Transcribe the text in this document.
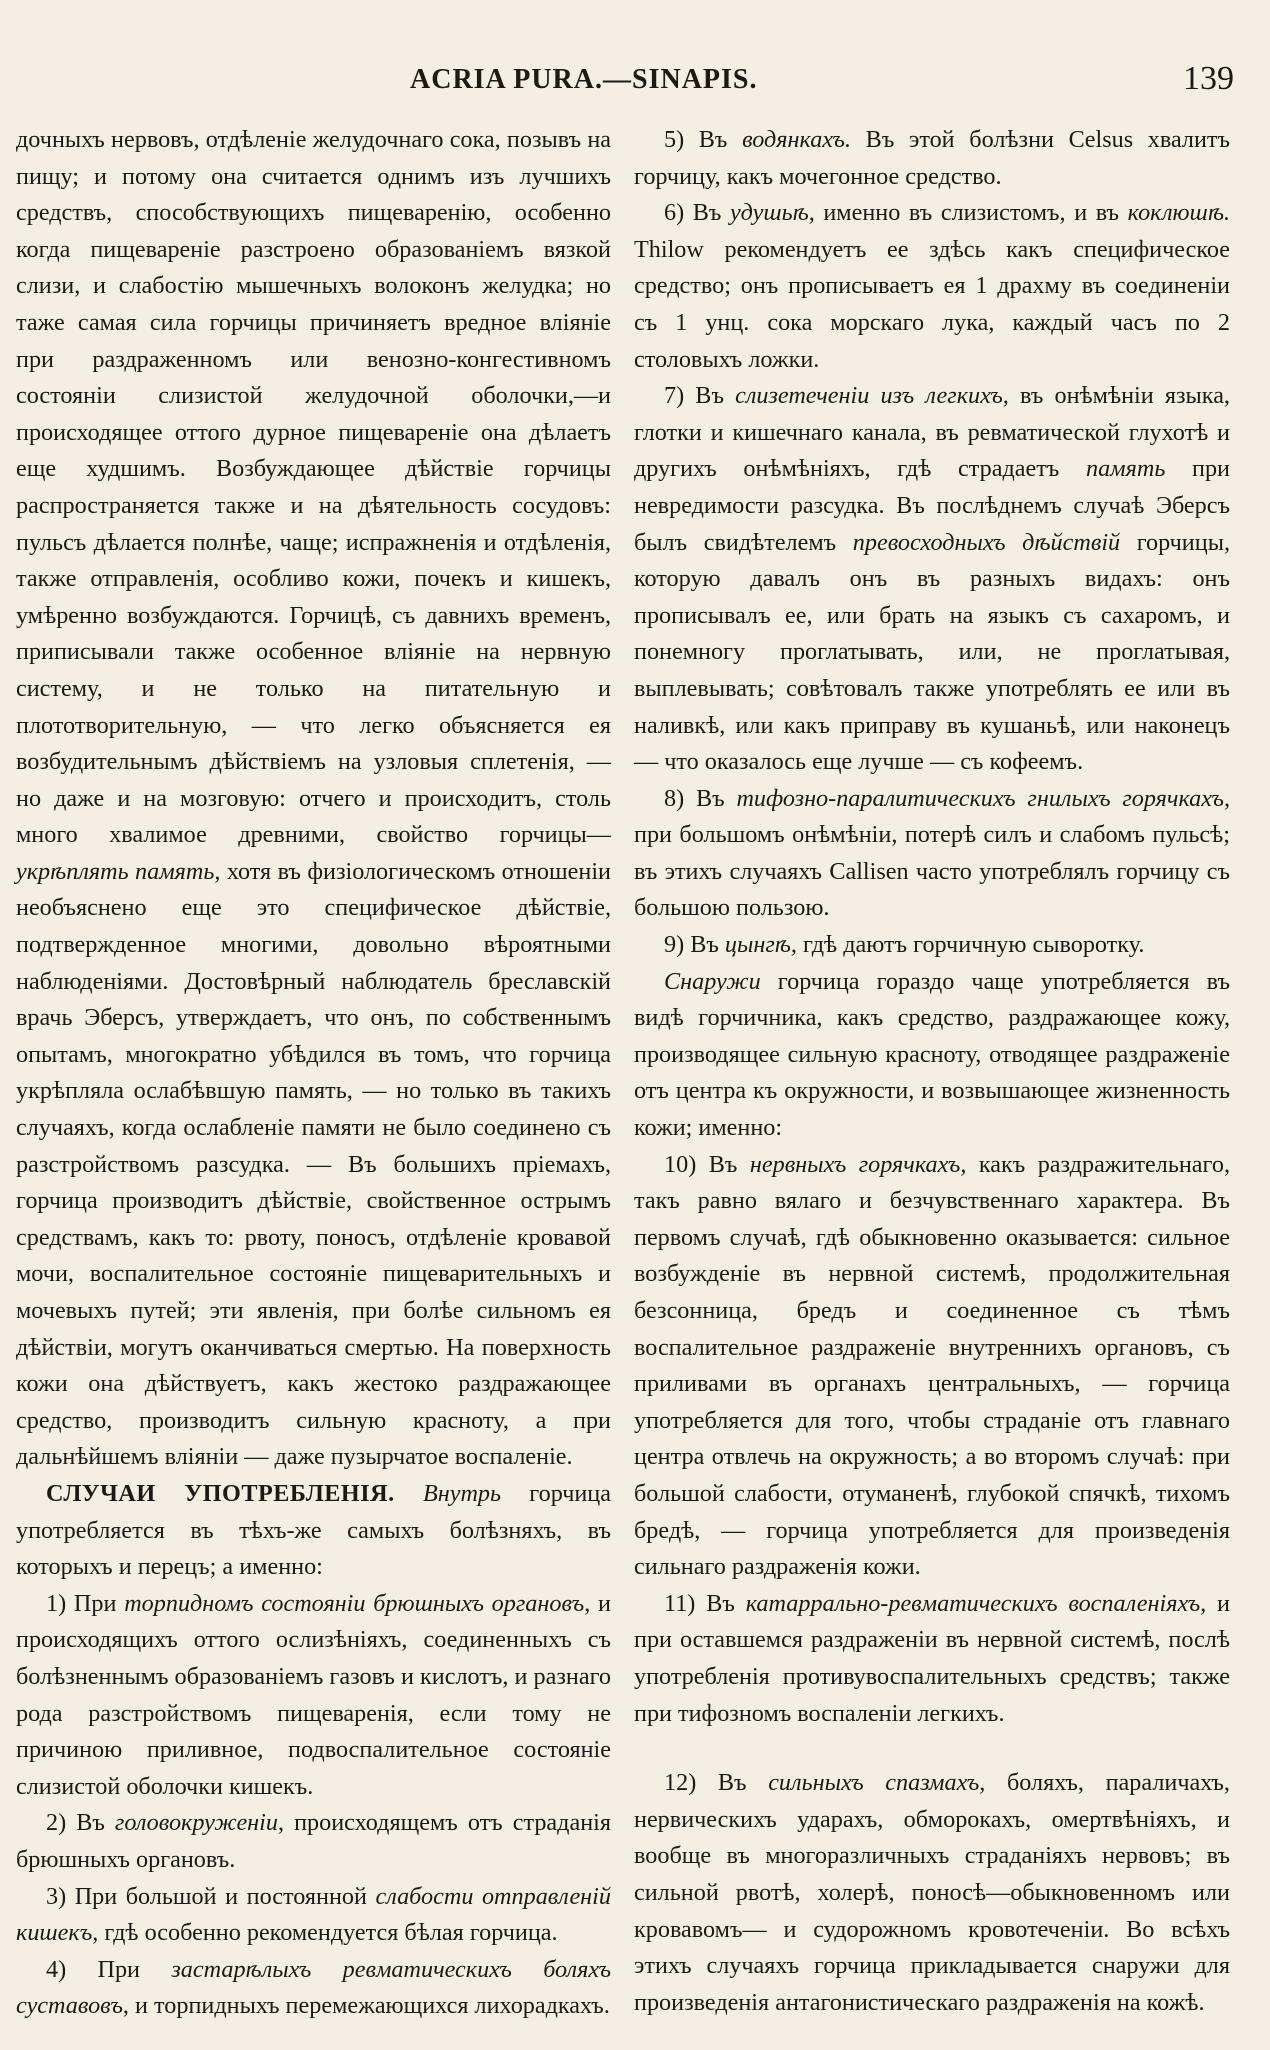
ACRIA PURA.—SINAPIS.	139

дочныхъ нервовъ, отдѣленіе желудочнаго сока, позывъ на пищу; и потому она считается однимъ изъ лучшихъ средствъ, способствующихъ пищеваренію, особенно когда пищевареніе разстроено образованіемъ вязкой слизи, и слабостію мышечныхъ волоконъ желудка; но таже самая сила горчицы причиняетъ вредное вліяніе при раздраженномъ или венозно-конгестивномъ состояніи слизистой желудочной оболочки,—и происходящее оттого дурное пищевареніе она дѣлаетъ еще худшимъ. Возбуждающее дѣйствіе горчицы распространяется также и на дѣятельность сосудовъ: пульсъ дѣлается полнѣе, чаще; испражненія и отдѣленія, также отправленія, особливо кожи, почекъ и кишекъ, умѣренно возбуждаются. Горчицѣ, съ давнихъ временъ, приписывали также особенное вліяніе на нервную систему, и не только на питательную и плототворительную, — что легко объясняется ея возбудительнымъ дѣйствіемъ на узловыя сплетенія, — но даже и на мозговую: отчего и происходитъ, столь много хвалимое древними, свойство горчицы—укрѣплять память, хотя въ физіологическомъ отношеніи необъяснено еще это специфическое дѣйствіе, подтвержденное многими, довольно вѣроятными наблюденіями. Достовѣрный наблюдатель бреславскій врачь Эберсъ, утверждаетъ, что онъ, по собственнымъ опытамъ, многократно убѣдился въ томъ, что горчица укрѣпляла ослабѣвшую память, — но только въ такихъ случаяхъ, когда ослабленіе памяти не было соединено съ разстройствомъ разсудка. — Въ большихъ пріемахъ, горчица производитъ дѣйствіе, свойственное острымъ средствамъ, какъ то: рвоту, поносъ, отдѣленіе кровавой мочи, воспалительное состояніе пищеварительныхъ и мочевыхъ путей; эти явленія, при болѣе сильномъ ея дѣйствіи, могутъ оканчиваться смертью. На поверхность кожи она дѣйствуетъ, какъ жестоко раздражающее средство, производитъ сильную красноту, а при дальнѣйшемъ вліяніи — даже пузырчатое воспаленіе.

СЛУЧАИ УПОТРЕБЛЕНІЯ. Внутрь горчица употребляется въ тѣхъ-же самыхъ болѣзняхъ, въ которыхъ и перецъ; а именно:

1) При торпидномъ состояніи брюшныхъ органовъ, и происходящихъ оттого ослизѣніяхъ, соединенныхъ съ болѣзненнымъ образованіемъ газовъ и кислотъ, и разнаго рода разстройствомъ пищеваренія, если тому не причиною приливное, подвоспалительное состояніе слизистой оболочки кишекъ.

2) Въ головокруженіи, происходящемъ отъ страданія брюшныхъ органовъ.

3) При большой и постоянной слабости отправленій кишекъ, гдѣ особенно рекомендуется бѣлая горчица.

4) При застарѣлыхъ ревматическихъ боляхъ суставовъ, и торпидныхъ перемежающихся лихорадкахъ.

5) Въ водянкахъ. Въ этой болѣзни Celsus хвалитъ горчицу, какъ мочегонное средство.

6) Въ удушьѣ, именно въ слизистомъ, и въ коклюшѣ. Thilow рекомендуетъ ее здѣсь какъ специфическое средство; онъ прописываетъ ея 1 драхму въ соединеніи съ 1 унц. сока морскаго лука, каждый часъ по 2 столовыхъ ложки.

7) Въ слизетеченіи изъ легкихъ, въ онѣмѣніи языка, глотки и кишечнаго канала, въ ревматической глухотѣ и другихъ онѣмѣніяхъ, гдѣ страдаетъ память при невредимости разсудка. Въ послѣднемъ случаѣ Эберсъ былъ свидѣтелемъ превосходныхъ дѣйствій горчицы, которую давалъ онъ въ разныхъ видахъ: онъ прописывалъ ее, или брать на языкъ съ сахаромъ, и понемногу проглатывать, или, не проглатывая, выплевывать; совѣтовалъ также употреблять ее или въ наливкѣ, или какъ приправу въ кушаньѣ, или наконецъ — что оказалось еще лучше — съ кофеемъ.

8) Въ тифозно-паралитическихъ гнилыхъ горячкахъ, при большомъ онѣмѣніи, потерѣ силъ и слабомъ пульсѣ; въ этихъ случаяхъ Callisen часто употреблялъ горчицу съ большою пользою.

9) Въ цынгѣ, гдѣ даютъ горчичную сыворотку.

Снаружи горчица гораздо чаще употребляется въ видѣ горчичника, какъ средство, раздражающее кожу, производящее сильную красноту, отводящее раздраженіе отъ центра къ окружности, и возвышающее жизненность кожи; именно:

10) Въ нервныхъ горячкахъ, какъ раздражительнаго, такъ равно вялаго и безчувственнаго характера. Въ первомъ случаѣ, гдѣ обыкновенно оказывается: сильное возбужденіе въ нервной системѣ, продолжительная безсонница, бредъ и соединенное съ тѣмъ воспалительное раздраженіе внутреннихъ органовъ, съ приливами въ органахъ центральныхъ, — горчица употребляется для того, чтобы страданіе отъ главнаго центра отвлечь на окружность; а во второмъ случаѣ: при большой слабости, отуманенѣ, глубокой спячкѣ, тихомъ бредѣ, — горчица употребляется для произведенія сильнаго раздраженія кожи.

11) Въ катаррально-ревматическихъ воспаленіяхъ, и при оставшемся раздраженіи въ нервной системѣ, послѣ употребленія противувоспалительныхъ средствъ; также при тифозномъ воспаленіи легкихъ.

12) Въ сильныхъ спазмахъ, боляхъ, параличахъ, нервическихъ ударахъ, обморокахъ, омертвѣніяхъ, и вообще въ многоразличныхъ страданіяхъ нервовъ; въ сильной рвотѣ, холерѣ, поносѣ—обыкновенномъ или кровавомъ— и судорожномъ кровотеченіи. Во всѣхъ этихъ случаяхъ горчица прикладывается снаружи для произведенія антагонистическаго раздраженія на кожѣ.
